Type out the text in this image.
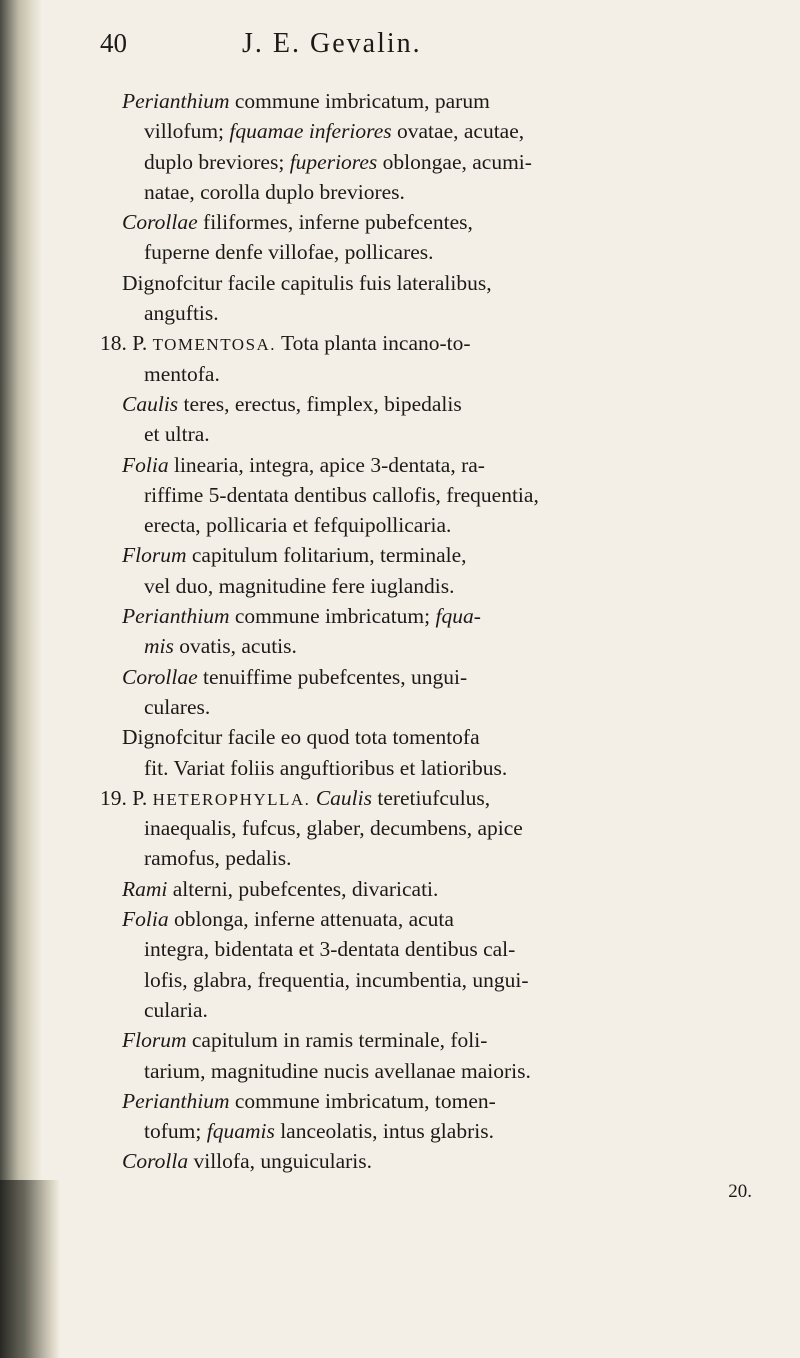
40	J. E. Gevalin.
Perianthium commune imbricatum, parum
villofum; fquamae inferiores ovatae, acutae,
duplo breviores; fuperiores oblongae, acumi-
natae, corolla duplo breviores.
Corollae filiformes, inferne pubefcentes,
fuperne denfe villofae, pollicares.
Dignofcitur facile capitulis fuis lateralibus,
anguftis.
18. P. TOMENTOSA. Tota planta incano-to-
mentofa.
Caulis teres, erectus, fimplex, bipedalis
et ultra.
Folia linearia, integra, apice 3-dentata, ra-
riffime 5-dentata dentibus callofis, frequentia,
erecta, pollicaria et fefquipollicaria.
Florum capitulum folitarium, terminale,
vel duo, magnitudine fere iuglandis.
Perianthium commune imbricatum; fqua-
mis ovatis, acutis.
Corollae tenuiffime pubefcentes, ungui-
culares.
Dignofcitur facile eo quod tota tomentofa
fit. Variat foliis anguftioribus et latioribus.
19. P. HETEROPHYLLA. Caulis teretiufculus,
inaequalis, fufcus, glaber, decumbens, apice
ramofus, pedalis.
Rami alterni, pubefcentes, divaricati.
Folia oblonga, inferne attenuata, acuta
integra, bidentata et 3-dentata dentibus cal-
lofis, glabra, frequentia, incumbentia, ungui-
cularia.
Florum capitulum in ramis terminale, foli-
tarium, magnitudine nucis avellanae maioris.
Perianthium commune imbricatum, tomen-
tofum; fquamis lanceolatis, intus glabris.
Corolla villofa, unguicularis.
20.
